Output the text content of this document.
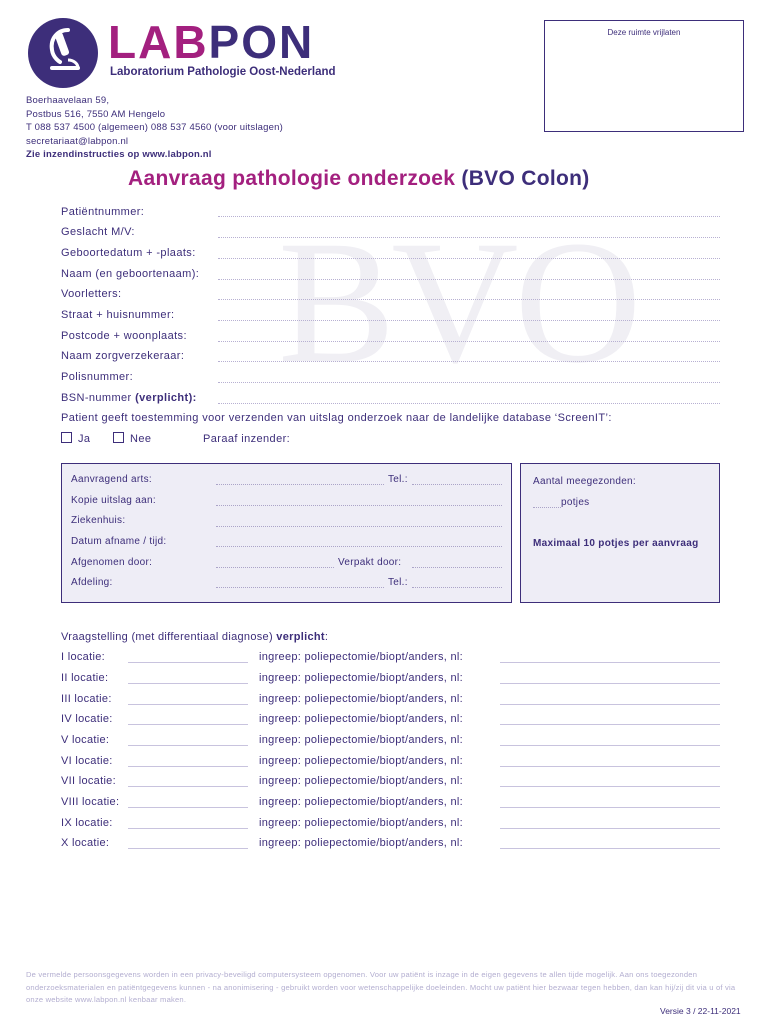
LABPON
Laboratorium Pathologie Oost-Nederland
Deze ruimte vrijlaten
Boerhaavelaan 59,
Postbus 516, 7550 AM Hengelo
T 088 537 4500 (algemeen) 088 537 4560 (voor uitslagen)
secretariaat@labpon.nl
Zie inzendinstructies op www.labpon.nl
BVO
Aanvraag pathologie onderzoek (BVO Colon)
Patiëntnummer:
Geslacht M/V:
Geboortedatum + -plaats:
Naam (en geboortenaam):
Voorletters:
Straat + huisnummer:
Postcode + woonplaats:
Naam zorgverzekeraar:
Polisnummer:
BSN-nummer (verplicht):
Patient geeft toestemming voor verzenden van uitslag onderzoek naar de landelijke database ‘ScreenIT’:
Ja	Nee	Paraaf inzender:
Aanvragend arts:	Tel.:
Kopie uitslag aan:
Ziekenhuis:
Datum afname / tijd:
Afgenomen door:	Verpakt door:
Afdeling:	Tel.:
Aantal meegezonden:
potjes
Maximaal 10 potjes per aanvraag
Vraagstelling (met differentiaal diagnose) verplicht:
I locatie:	ingreep: poliepectomie/biopt/anders, nl:
II locatie:	ingreep: poliepectomie/biopt/anders, nl:
III locatie:	ingreep: poliepectomie/biopt/anders, nl:
IV locatie:	ingreep: poliepectomie/biopt/anders, nl:
V locatie:	ingreep: poliepectomie/biopt/anders, nl:
VI locatie:	ingreep: poliepectomie/biopt/anders, nl:
VII locatie:	ingreep: poliepectomie/biopt/anders, nl:
VIII locatie:	ingreep: poliepectomie/biopt/anders, nl:
IX locatie:	ingreep: poliepectomie/biopt/anders, nl:
X locatie:	ingreep: poliepectomie/biopt/anders, nl:
De vermelde persoonsgegevens worden in een privacy-beveiligd computersysteem opgenomen. Voor uw patiënt is inzage in de eigen gegevens te allen tijde mogelijk. Aan ons toegezonden onderzoeksmaterialen en patiëntgegevens kunnen - na anonimisering - gebruikt worden voor wetenschappelijke doeleinden. Mocht uw patiënt hier bezwaar tegen hebben, dan kan hij/zij dit via u of via onze website www.labpon.nl kenbaar maken.
Versie 3 / 22-11-2021
